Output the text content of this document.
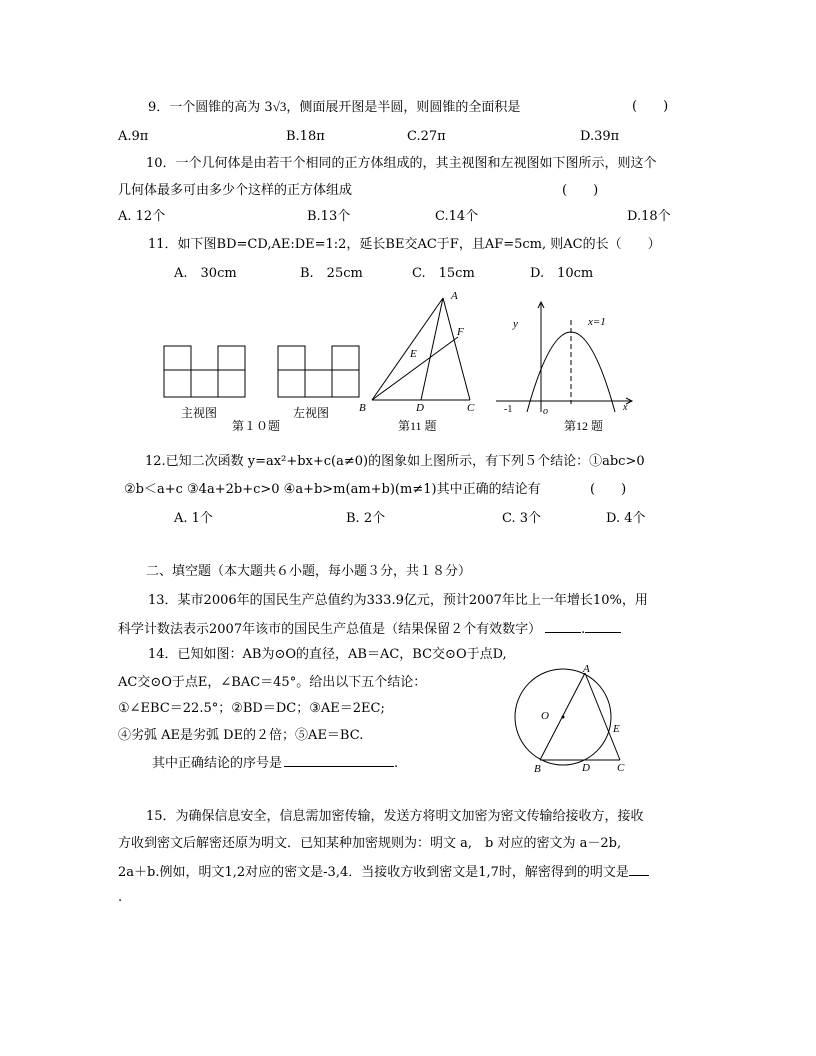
9．一个圆锥的高为 3√3，侧面展开图是半圆，则圆锥的全面积是	(　　)
A.9π	B.18π	C.27π	D.39π
10．一个几何体是由若干个相同的正方体组成的，其主视图和左视图如下图所示，则这个
几何体最多可由多少个这样的正方体组成	(　　)
A. 12个	B.13个	C.14个	D.18个
11．如下图BD=CD,AE:DE=1:2，延长BE交AC于F，且AF=5cm, 则AC的长（　　）
A.　30cm	B.　25cm	C.　15cm	D.　10cm
主视图	左视图
第１０题
A
F
E
B	D	C
第11 题
y	x=1
-1	o	x
第12 题
A
O
E
B	D C
12.已知二次函数 y=ax²+bx+c(a≠0)的图象如上图所示，有下列５个结论：①abc>0
②b＜a+c ③4a+2b+c>0 ④a+b>m(am+b)(m≠1)其中正确的结论有	(　　)
A. 1个	B. 2个	C. 3个	D. 4个
二、填空题（本大题共６小题，每小题３分，共１８分）
13．某市2006年的国民生产总值约为333.9亿元，预计2007年比上一年增长10%，用
科学计数法表示2007年该市的国民生产总值是（结果保留２个有效数字）	.
14．已知如图：AB为⊙O的直径，AB＝AC，BC交⊙O于点D,
AC交⊙O于点E，∠BAC＝45°。给出以下五个结论：
①∠EBC＝22.5°；②BD＝DC；③AE＝2EC;
④劣弧 AE是劣弧 DE的２倍；⑤AE＝BC.
其中正确结论的序号是	.
15．为确保信息安全，信息需加密传输，发送方将明文加密为密文传输给接收方，接收
方收到密文后解密还原为明文．已知某种加密规则为：明文 a,　b 对应的密文为 a－2b,
2a＋b.例如，明文1,2对应的密文是-3,4．当接收方收到密文是1,7时，解密得到的明文是
.
